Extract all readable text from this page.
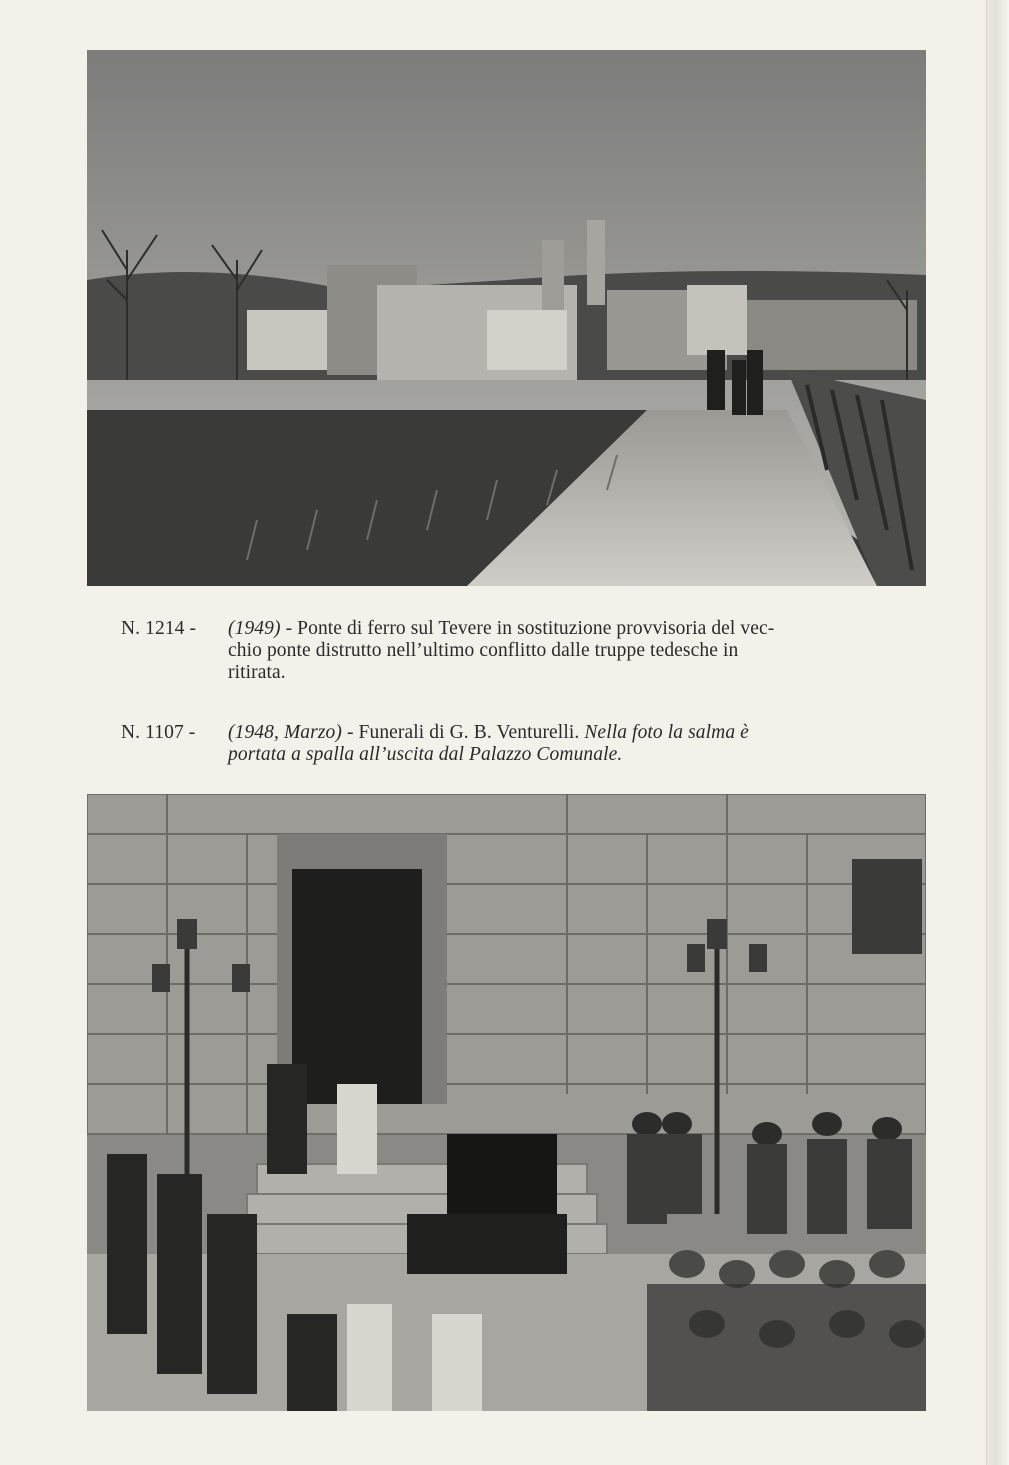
N. 1214 - (1949) - Ponte di ferro sul Tevere in sostituzione provvisoria del vec-
chio ponte distrutto nell’ultimo conflitto dalle truppe tedesche in
ritirata.
N. 1107 - (1948, Marzo) - Funerali di G. B. Venturelli. Nella foto la salma è
portata a spalla all’uscita dal Palazzo Comunale.
